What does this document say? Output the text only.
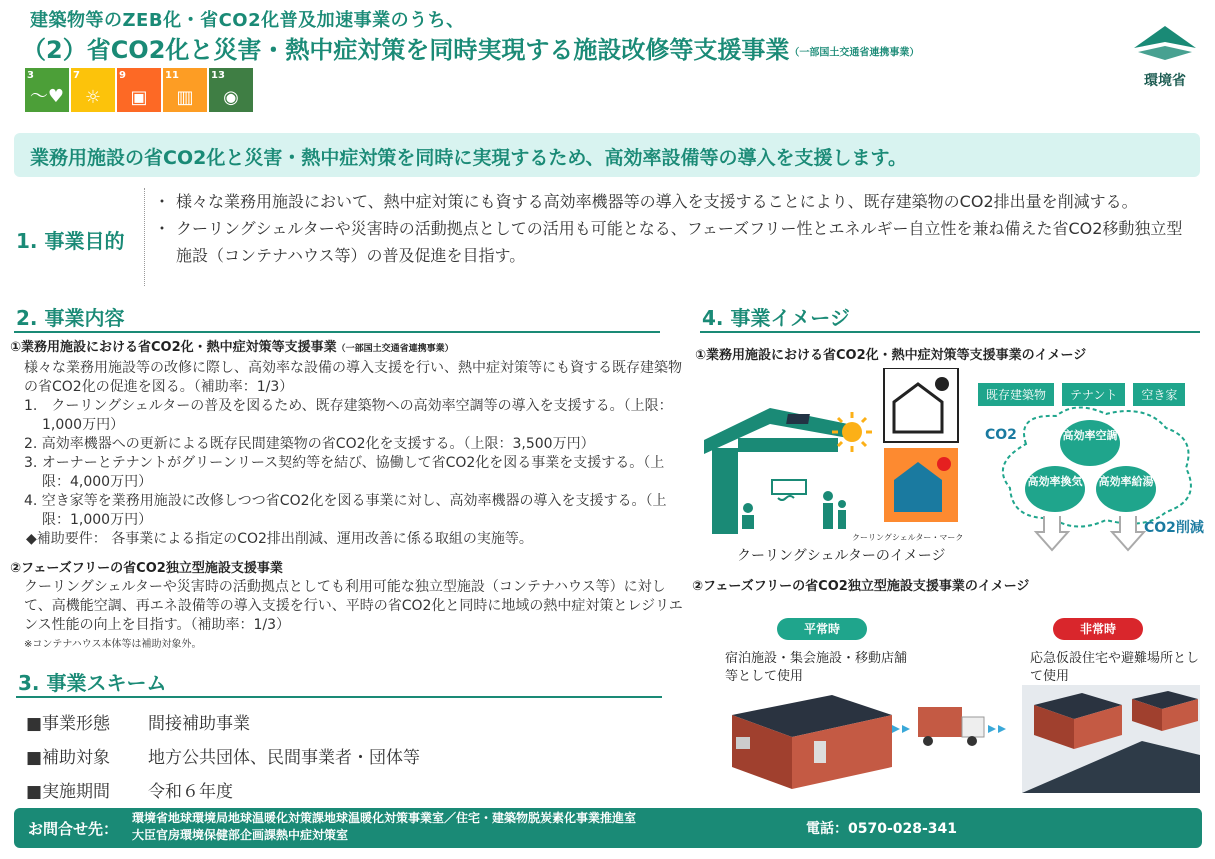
建築物等のZEB化・省CO2化普及加速事業のうち、
（2）省CO2化と災害・熱中症対策を同時実現する施設改修等支援事業（一部国土交通省連携事業）
3
〜♥
7
☼
9
▣
11
▥
13
◉
環境省
業務用施設の省CO2化と災害・熱中症対策を同時に実現するため、高効率設備等の導入を支援します。
1. 事業目的
・ 様々な業務用施設において、熱中症対策にも資する高効率機器等の導入を支援することにより、既存建築物のCO2排出量を削減する。
・ クーリングシェルターや災害時の活動拠点としての活用も可能となる、フェーズフリー性とエネルギー自立性を兼ね備えた省CO2移動独立型施設（コンテナハウス等）の普及促進を目指す。
2. 事業内容
①業務用施設における省CO2化・熱中症対策等支援事業（一部国土交通省連携事業）
様々な業務用施設等の改修に際し、高効率な設備の導入支援を行い、熱中症対策等にも資する既存建築物の省CO2化の促進を図る。（補助率：1/3）
1.　クーリングシェルターの普及を図るため、既存建築物への高効率空調等の導入を支援する。（上限：1,000万円）
2. 高効率機器への更新による既存民間建築物の省CO2化を支援する。（上限：3,500万円）
3. オーナーとテナントがグリーンリース契約等を結び、協働して省CO2化を図る事業を支援する。（上限：4,000万円）
4. 空き家等を業務用施設に改修しつつ省CO2化を図る事業に対し、高効率機器の導入を支援する。（上限：1,000万円）
◆補助要件： 各事業による指定のCO2排出削減、運用改善に係る取組の実施等。
②フェーズフリーの省CO2独立型施設支援事業
クーリングシェルターや災害時の活動拠点としても利用可能な独立型施設（コンテナハウス等）に対して、高機能空調、再エネ設備等の導入支援を行い、平時の省CO2化と同時に地域の熱中症対策とレジリエンス性能の向上を目指す。（補助率：1/3）
※コンテナハウス本体等は補助対象外。
3. 事業スキーム
■事業形態 間接補助事業
■補助対象 地方公共団体、民間事業者・団体等
■実施期間 令和６年度
4. 事業イメージ
①業務用施設における省CO2化・熱中症対策等支援事業のイメージ
クーリングシェルター・マーク
クーリングシェルターのイメージ
既存建築物	テナント	空き家
高効率空調
高効率換気 高効率給湯
CO2
CO2削減
②フェーズフリーの省CO2独立型施設支援事業のイメージ
平常時	非常時
宿泊施設・集会施設・移動店舗等として使用
応急仮設住宅や避難場所として使用
お問合せ先：
環境省地球環境局地球温暖化対策課地球温暖化対策事業室／住宅・建築物脱炭素化事業推進室
大臣官房環境保健部企画課熱中症対策室	電話：0570-028-341
